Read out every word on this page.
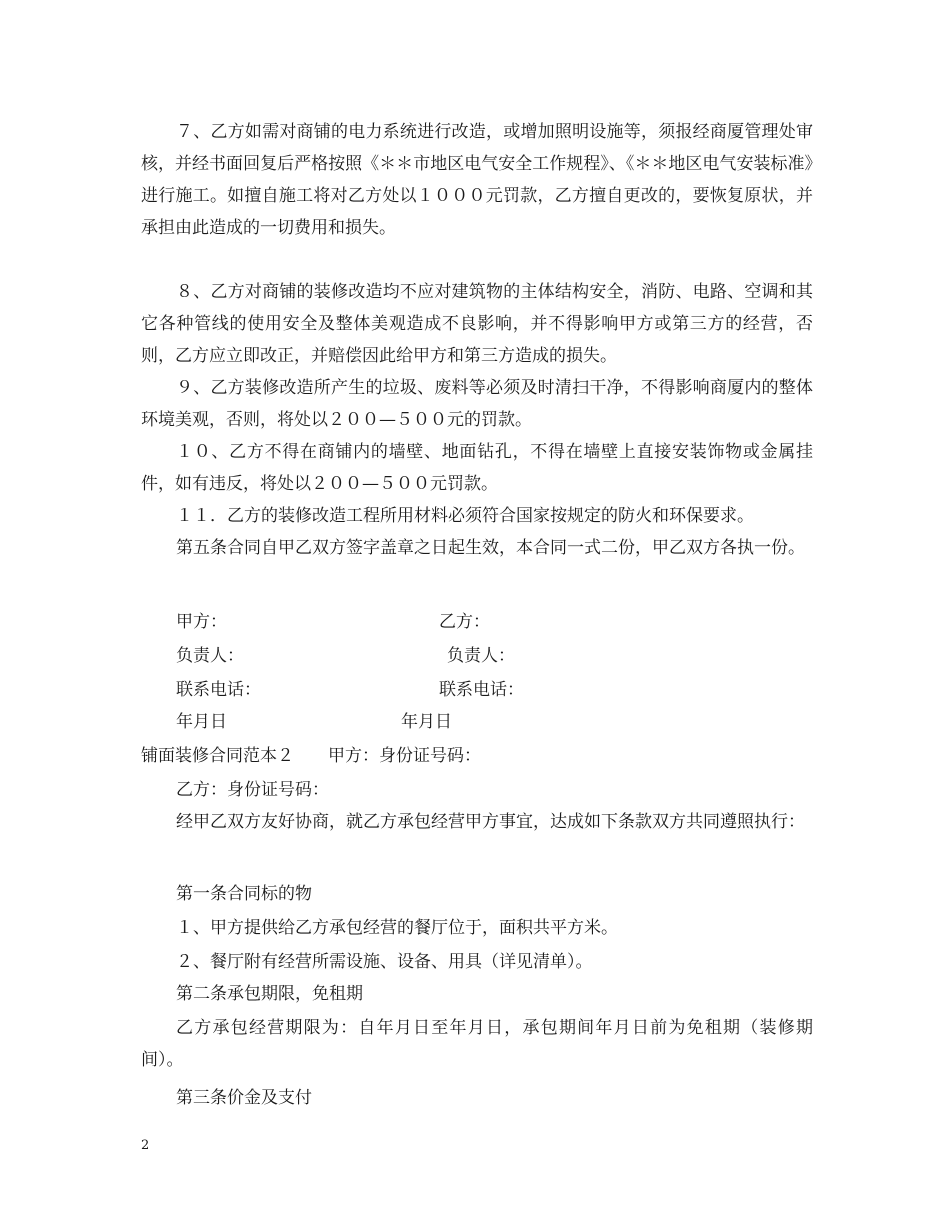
７、乙方如需对商铺的电力系统进行改造，或增加照明设施等，须报经商厦管理处审核，并经书面回复后严格按照《＊＊市地区电气安全工作规程》、《＊＊地区电气安装标准》进行施工。如擅自施工将对乙方处以１０００元罚款，乙方擅自更改的，要恢复原状，并承担由此造成的一切费用和损失。

８、乙方对商铺的装修改造均不应对建筑物的主体结构安全，消防、电路、空调和其它各种管线的使用安全及整体美观造成不良影响，并不得影响甲方或第三方的经营，否则，乙方应立即改正，并赔偿因此给甲方和第三方造成的损失。

９、乙方装修改造所产生的垃圾、废料等必须及时清扫干净，不得影响商厦内的整体环境美观，否则，将处以２００—５００元的罚款。

１０、乙方不得在商铺内的墙壁、地面钻孔，不得在墙壁上直接安装饰物或金属挂件，如有违反，将处以２００—５００元罚款。

１１．乙方的装修改造工程所用材料必须符合国家按规定的防火和环保要求。

第五条合同自甲乙双方签字盖章之日起生效，本合同一式二份，甲乙双方各执一份。

甲方：	乙方：

负责人：	负责人：

联系电话：	联系电话：

年月日	年月日

铺面装修合同范本２　　甲方：身份证号码：

乙方：身份证号码：

经甲乙双方友好协商，就乙方承包经营甲方事宜，达成如下条款双方共同遵照执行：

第一条合同标的物

１、甲方提供给乙方承包经营的餐厅位于，面积共平方米。

２、餐厅附有经营所需设施、设备、用具（详见清单）。

第二条承包期限，免租期

乙方承包经营期限为：自年月日至年月日，承包期间年月日前为免租期（装修期间）。

第三条价金及支付

2
